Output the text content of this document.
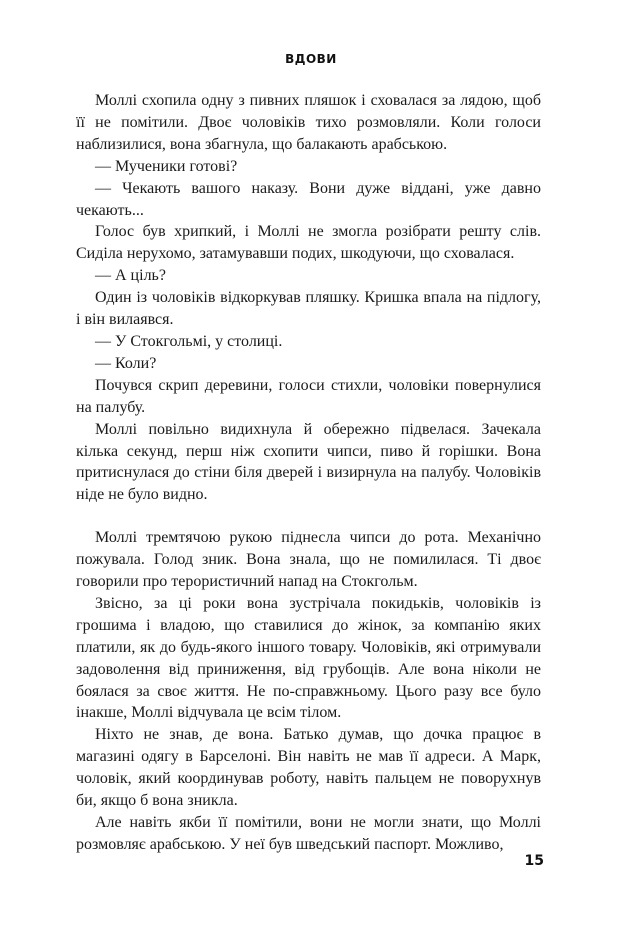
ВДОВИ

Моллі схопила одну з пивних пляшок і сховалася за лядою, щоб її не помітили. Двоє чоловіків тихо розмовляли. Коли голоси наблизилися, вона збагнула, що балакають арабською.

— Мученики готові?

— Чекають вашого наказу. Вони дуже віддані, уже давно чекають...

Голос був хрипкий, і Моллі не змогла розібрати решту слів. Сиділа нерухомо, затамувавши подих, шкодуючи, що сховалася.

— А ціль?

Один із чоловіків відкоркував пляшку. Кришка впала на підлогу, і він вилаявся.

— У Стокгольмі, у столиці.

— Коли?

Почувся скрип деревини, голоси стихли, чоловіки повернулися на палубу.

Моллі повільно видихнула й обережно підвелася. Зачекала кілька секунд, перш ніж схопити чипси, пиво й горішки. Вона притиснулася до стіни біля дверей і визирнула на палубу. Чоловіків ніде не було видно.

Моллі тремтячою рукою піднесла чипси до рота. Механічно пожувала. Голод зник. Вона знала, що не помилилася. Ті двоє говорили про терористичний напад на Стокгольм.

Звісно, за ці роки вона зустрічала покидьків, чоловіків із грошима і владою, що ставилися до жінок, за компанію яких платили, як до будь-якого іншого товару. Чоловіків, які отримували задоволення від приниження, від грубощів. Але вона ніколи не боялася за своє життя. Не по-справжньому. Цього разу все було інакше, Моллі відчувала це всім тілом.

Ніхто не знав, де вона. Батько думав, що дочка працює в магазині одягу в Барселоні. Він навіть не мав її адреси. А Марк, чоловік, який координував роботу, навіть пальцем не поворухнув би, якщо б вона зникла.

Але навіть якби її помітили, вони не могли знати, що Моллі розмовляє арабською. У неї був шведський паспорт. Можливо,

15
